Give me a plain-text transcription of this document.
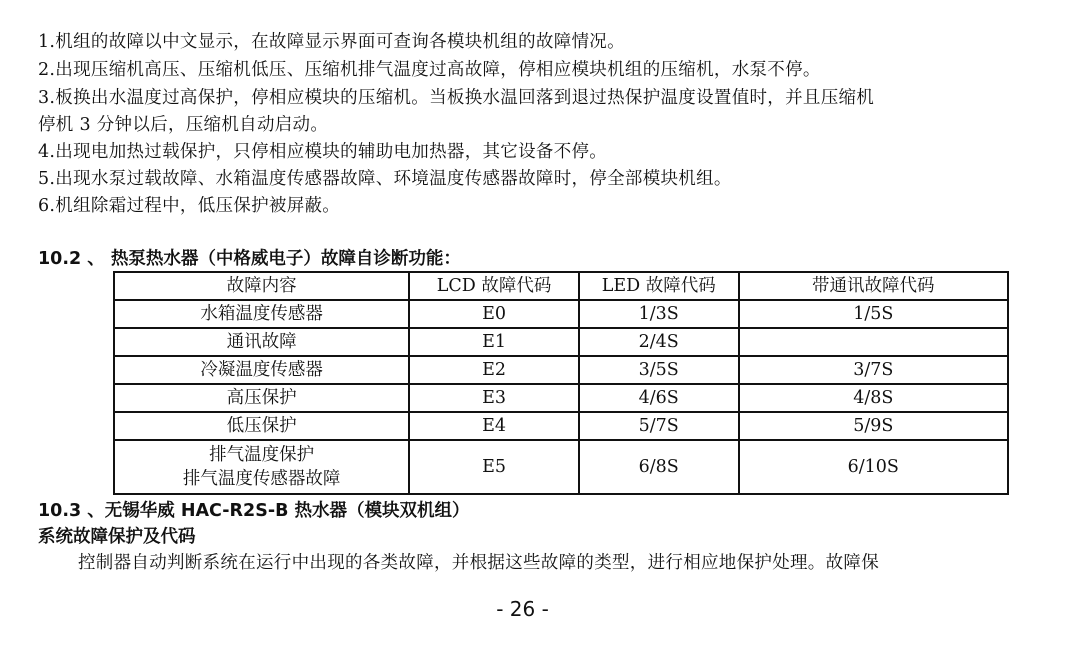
1.机组的故障以中文显示，在故障显示界面可查询各模块机组的故障情况。
2.出现压缩机高压、压缩机低压、压缩机排气温度过高故障，停相应模块机组的压缩机，水泵不停。
3.板换出水温度过高保护，停相应模块的压缩机。当板换水温回落到退过热保护温度设置值时，并且压缩机
停机 3 分钟以后，压缩机自动启动。
4.出现电加热过载保护，只停相应模块的辅助电加热器，其它设备不停。
5.出现水泵过载故障、水箱温度传感器故障、环境温度传感器故障时，停全部模块机组。
6.机组除霜过程中，低压保护被屏蔽。
10.2 、 热泵热水器（中格威电子）故障自诊断功能：
故障内容	LCD 故障代码	LED 故障代码	带通讯故障代码
水箱温度传感器	E0	1/3S	1/5S
通讯故障	E1	2/4S	
冷凝温度传感器	E2	3/5S	3/7S
高压保护	E3	4/6S	4/8S
低压保护	E4	5/7S	5/9S

排气温度保护
排气温度传感器故障	E5	6/8S	6/10S
10.3 、无锡华威 HAC-R2S-B 热水器（模块双机组）
系统故障保护及代码
控制器自动判断系统在运行中出现的各类故障，并根据这些故障的类型，进行相应地保护处理。故障保
- 26 -
